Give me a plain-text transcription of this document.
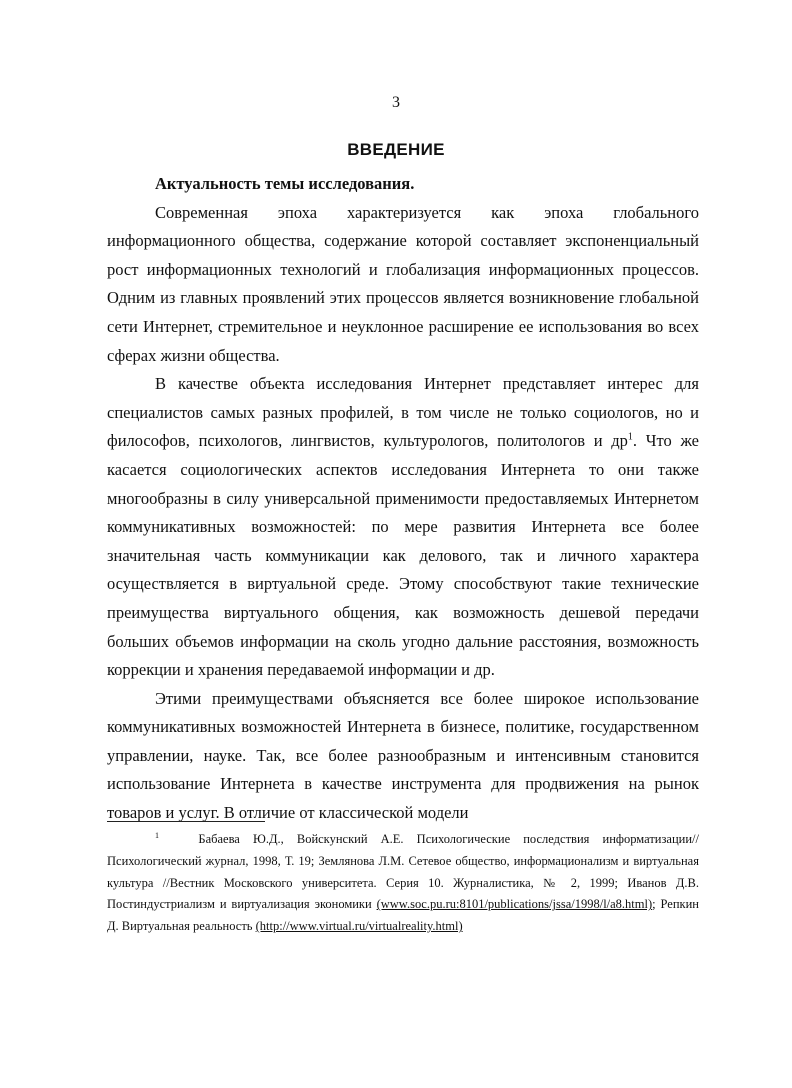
3
ВВЕДЕНИЕ

Актуальность темы исследования.

Современная эпоха характеризуется как эпоха глобального информационного общества, содержание которой составляет экспоненциальный рост информационных технологий и глобализация информационных процессов. Одним из главных проявлений этих процессов является возникновение глобальной сети Интернет, стремительное и неуклонное расширение ее использования во всех сферах жизни общества.

В качестве объекта исследования Интернет представляет интерес для специалистов самых разных профилей, в том числе не только социологов, но и философов, психологов, лингвистов, культурологов, политологов и $др^1$. Что же касается социологических аспектов исследования Интернета то они также многообразны в силу универсальной применимости предоставляемых Интернетом коммуникативных возможностей: по мере развития Интернета все более значительная часть коммуникации как делового, так и личного характера осуществляется в виртуальной среде. Этому способствуют такие технические преимущества виртуального общения, как возможность дешевой передачи больших объемов информации на сколь угодно дальние расстояния, возможность коррекции и хранения передаваемой информации и др.

Этими преимуществами объясняется все более широкое использование коммуникативных возможностей Интернета в бизнесе, политике, государственном управлении, науке. Так, все более разнообразным и интенсивным становится использование Интернета в качестве инструмента для продвижения на рынок товаров и услуг. В отличие от классической модели

$^1$	Бабаева Ю.Д., Войскунский А.Е. Психологические последствия информатизации//Психологический журнал, 1998, Т. 19; Землянова Л.М. Сетевое общество, информационализм и виртуальная культура //Вестник Московского университета. Серия 10. Журналистика, № 2, 1999; Иванов Д.В. Постиндустриализм и виртуализация экономики (www.soc.pu.ru:8101/publications/jssa/1998/l/a8.html); Репкин Д. Виртуальная реальность (http://www.virtual.ru/virtualreality.html)
